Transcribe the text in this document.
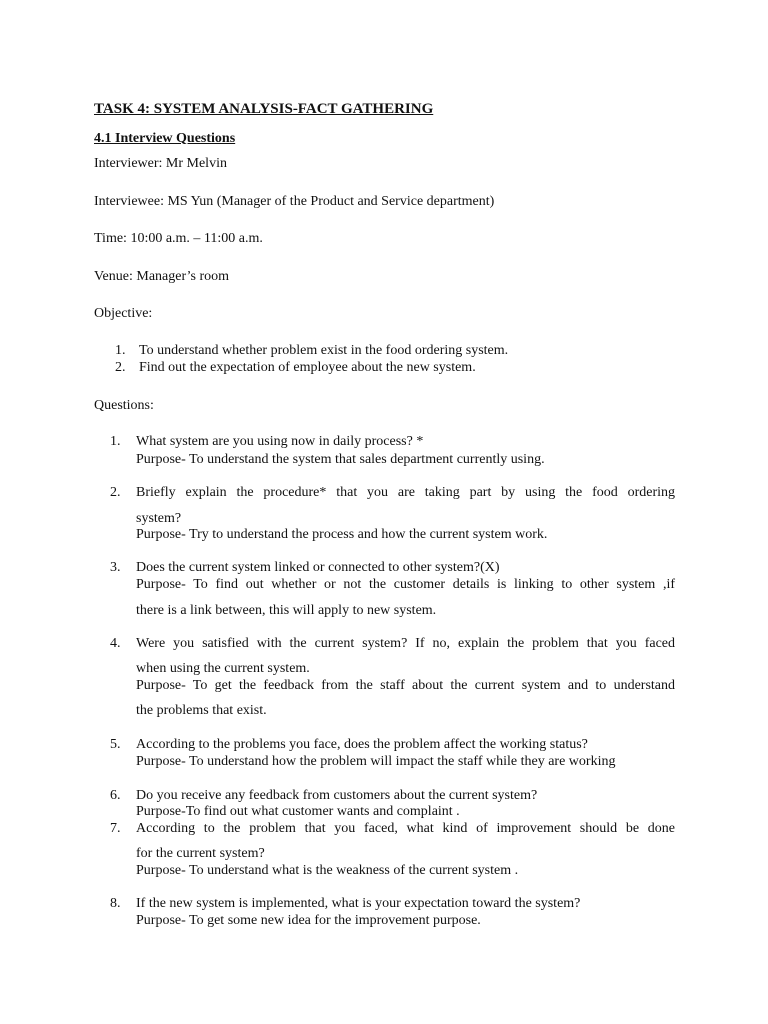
TASK 4: SYSTEM ANALYSIS-FACT GATHERING
4.1 Interview Questions
Interviewer: Mr Melvin
Interviewee: MS Yun (Manager of the Product and Service department)
Time: 10:00 a.m. – 11:00 a.m.
Venue: Manager’s room
Objective:
1. To understand whether problem exist in the food ordering system.
2. Find out the expectation of employee about the new system.
Questions:
1. What system are you using now in daily process? *
Purpose- To understand the system that sales department currently using.
2. Briefly explain the procedure* that you are taking part by using the food ordering
system?
Purpose- Try to understand the process and how the current system work.
3. Does the current system linked or connected to other system?(X)
Purpose- To find out whether or not the customer details is linking to other system ,if
there is a link between, this will apply to new system.
4. Were you satisfied with the current system? If no, explain the problem that you faced
when using the current system.
Purpose- To get the feedback from the staff about the current system and to understand
the problems that exist.
5. According to the problems you face, does the problem affect the working status?
Purpose- To understand how the problem will impact the staff while they are working
6. Do you receive any feedback from customers about the current system?
Purpose-To find out what customer wants and complaint .
7. According to the problem that you faced, what kind of improvement should be done
for the current system?
Purpose- To understand what is the weakness of the current system .
8. If the new system is implemented, what is your expectation toward the system?
Purpose- To get some new idea for the improvement purpose.
